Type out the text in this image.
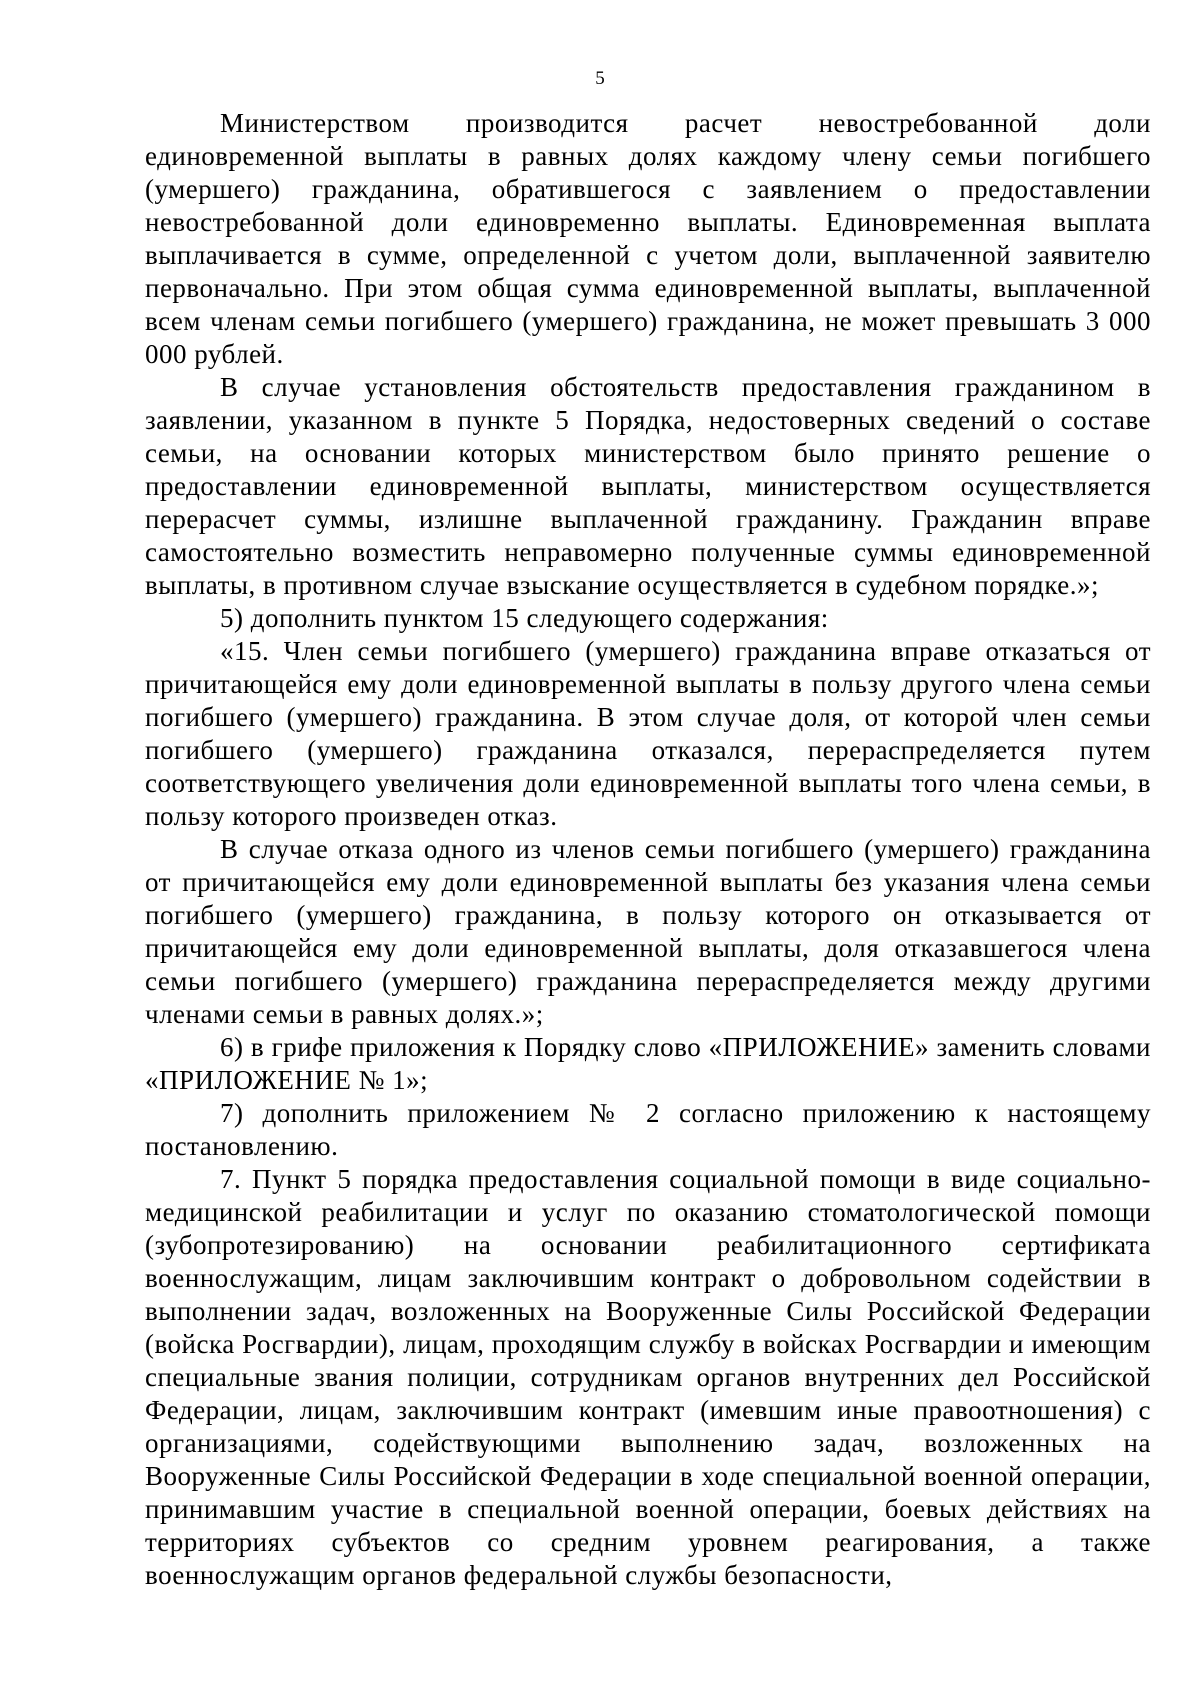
5

Министерством производится расчет невостребованной доли единовременной выплаты в равных долях каждому члену семьи погибшего (умершего) гражданина, обратившегося с заявлением о предоставлении невостребованной доли единовременно выплаты. Единовременная выплата выплачивается в сумме, определенной с учетом доли, выплаченной заявителю первоначально. При этом общая сумма единовременной выплаты, выплаченной всем членам семьи погибшего (умершего) гражданина, не может превышать 3 000 000 рублей.

В случае установления обстоятельств предоставления гражданином в заявлении, указанном в пункте 5 Порядка, недостоверных сведений о составе семьи, на основании которых министерством было принято решение о предоставлении единовременной выплаты, министерством осуществляется перерасчет суммы, излишне выплаченной гражданину. Гражданин вправе самостоятельно возместить неправомерно полученные суммы единовременной выплаты, в противном случае взыскание осуществляется в судебном порядке.»;

5) дополнить пунктом 15 следующего содержания:

«15. Член семьи погибшего (умершего) гражданина вправе отказаться от причитающейся ему доли единовременной выплаты в пользу другого члена семьи погибшего (умершего) гражданина. В этом случае доля, от которой член семьи погибшего (умершего) гражданина отказался, перераспределяется путем соответствующего увеличения доли единовременной выплаты того члена семьи, в пользу которого произведен отказ.

В случае отказа одного из членов семьи погибшего (умершего) гражданина от причитающейся ему доли единовременной выплаты без указания члена семьи погибшего (умершего) гражданина, в пользу которого он отказывается от причитающейся ему доли единовременной выплаты, доля отказавшегося члена семьи погибшего (умершего) гражданина перераспределяется между другими членами семьи в равных долях.»;

6) в грифе приложения к Порядку слово «ПРИЛОЖЕНИЕ» заменить словами «ПРИЛОЖЕНИЕ № 1»;

7) дополнить приложением № 2 согласно приложению к настоящему постановлению.

7. Пункт 5 порядка предоставления социальной помощи в виде социально-медицинской реабилитации и услуг по оказанию стоматологической помощи (зубопротезированию) на основании реабилитационного сертификата военнослужащим, лицам заключившим контракт о добровольном содействии в выполнении задач, возложенных на Вооруженные Силы Российской Федерации (войска Росгвардии), лицам, проходящим службу в войсках Росгвардии и имеющим специальные звания полиции, сотрудникам органов внутренних дел Российской Федерации, лицам, заключившим контракт (имевшим иные правоотношения) с организациями, содействующими выполнению задач, возложенных на Вооруженные Силы Российской Федерации в ходе специальной военной операции, принимавшим участие в специальной военной операции, боевых действиях на территориях субъектов со средним уровнем реагирования, а также военнослужащим органов федеральной службы безопасности,
